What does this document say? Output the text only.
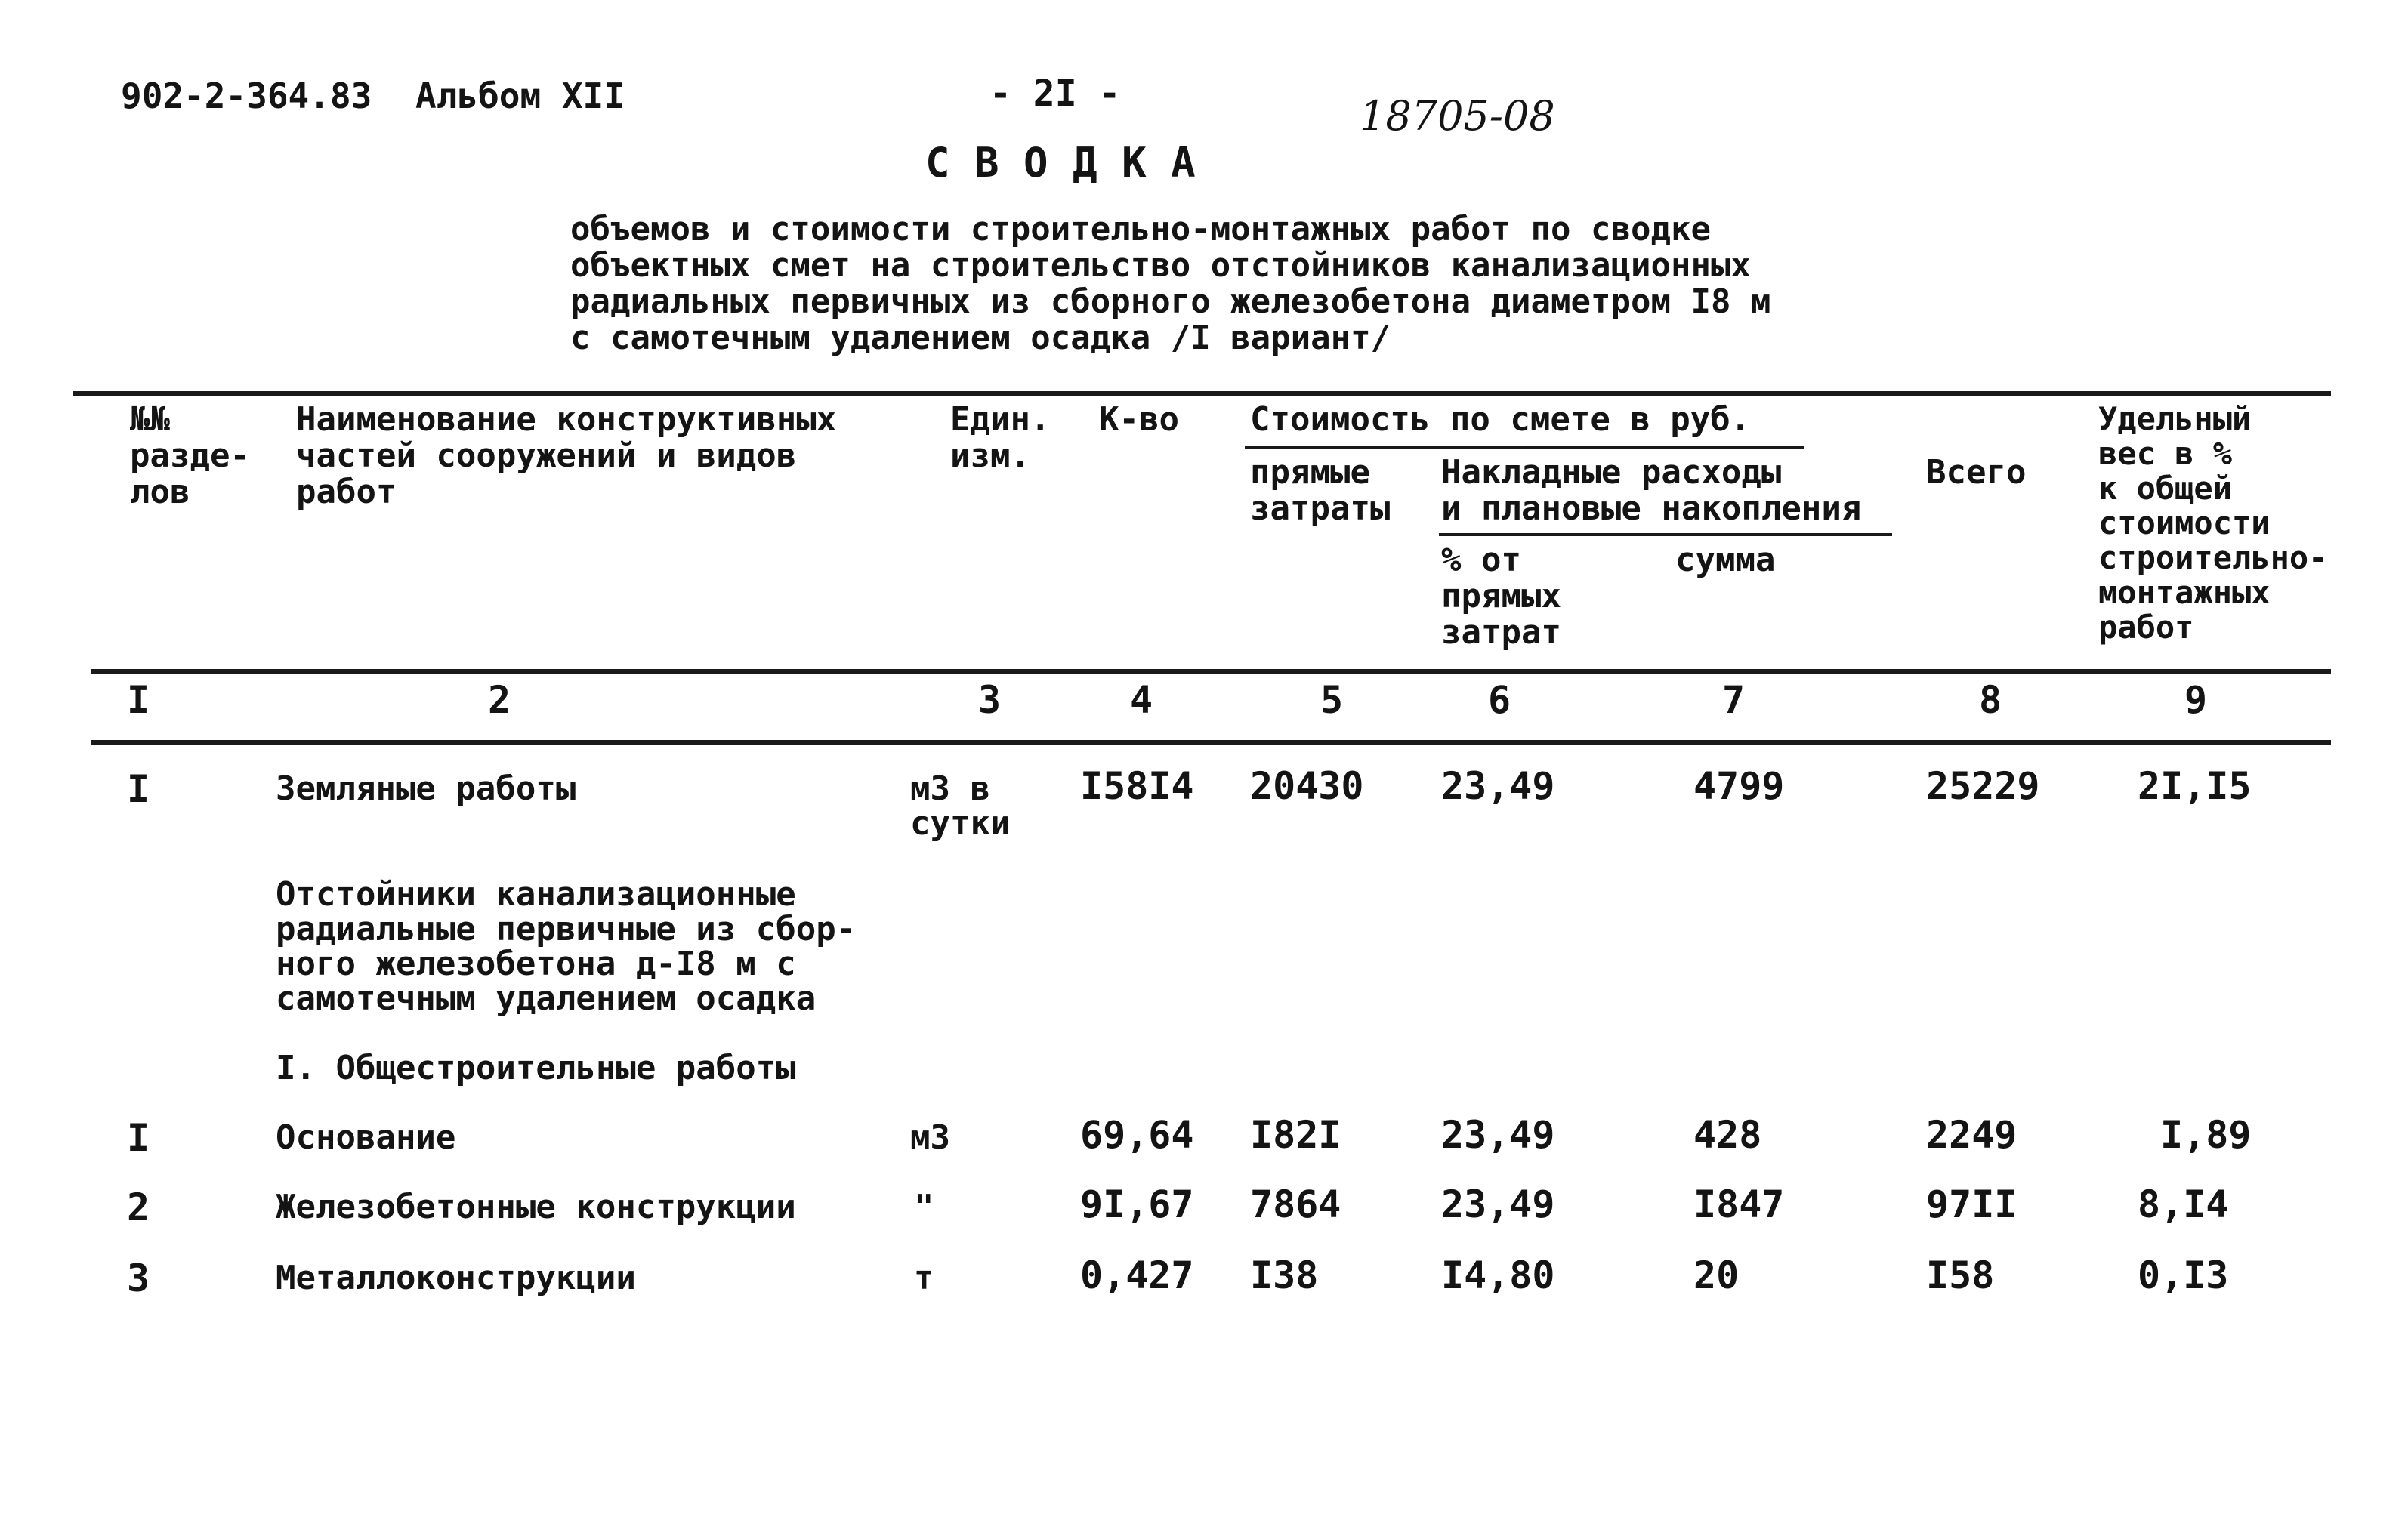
902-2-364.83 Альбом XII	- 2I -	18705-08
С В О Д К А
объемов и стоимости строительно-монтажных работ по сводке
объектных смет на строительство отстойников канализационных
радиальных первичных из сборного железобетона диаметром I8 м
с самотечным удалением осадка /I вариант/
№№
разде-
лов
Наименование конструктивных
частей сооружений и видов
работ
Един.
изм.
К-во Стоимость по смете в руб.
прямые
затраты
Накладные расходы
и плановые накопления
% от
прямых
затрат
сумма
Всего
Удельный
вес в %
к общей
стоимости
строительно-
монтажных
работ
I	2	3	4	5	6	7	8	9
I	Земляные работы	м3 в
сутки
I58I4 20430 23,49	4799	25229	2I,I5
Отстойники канализационные
радиальные первичные из сбор-
ного железобетона д-I8 м с
самотечным удалением осадка
I. Общестроительные работы
I	Основание	м3	69,64 I82I	23,49	428	2249	I,89
2	Железобетонные конструкции	"	9I,67 7864	23,49	I847	97II	8,I4
3	Металлоконструкции	т	0,427 I38	I4,80	20	I58	0,I3
